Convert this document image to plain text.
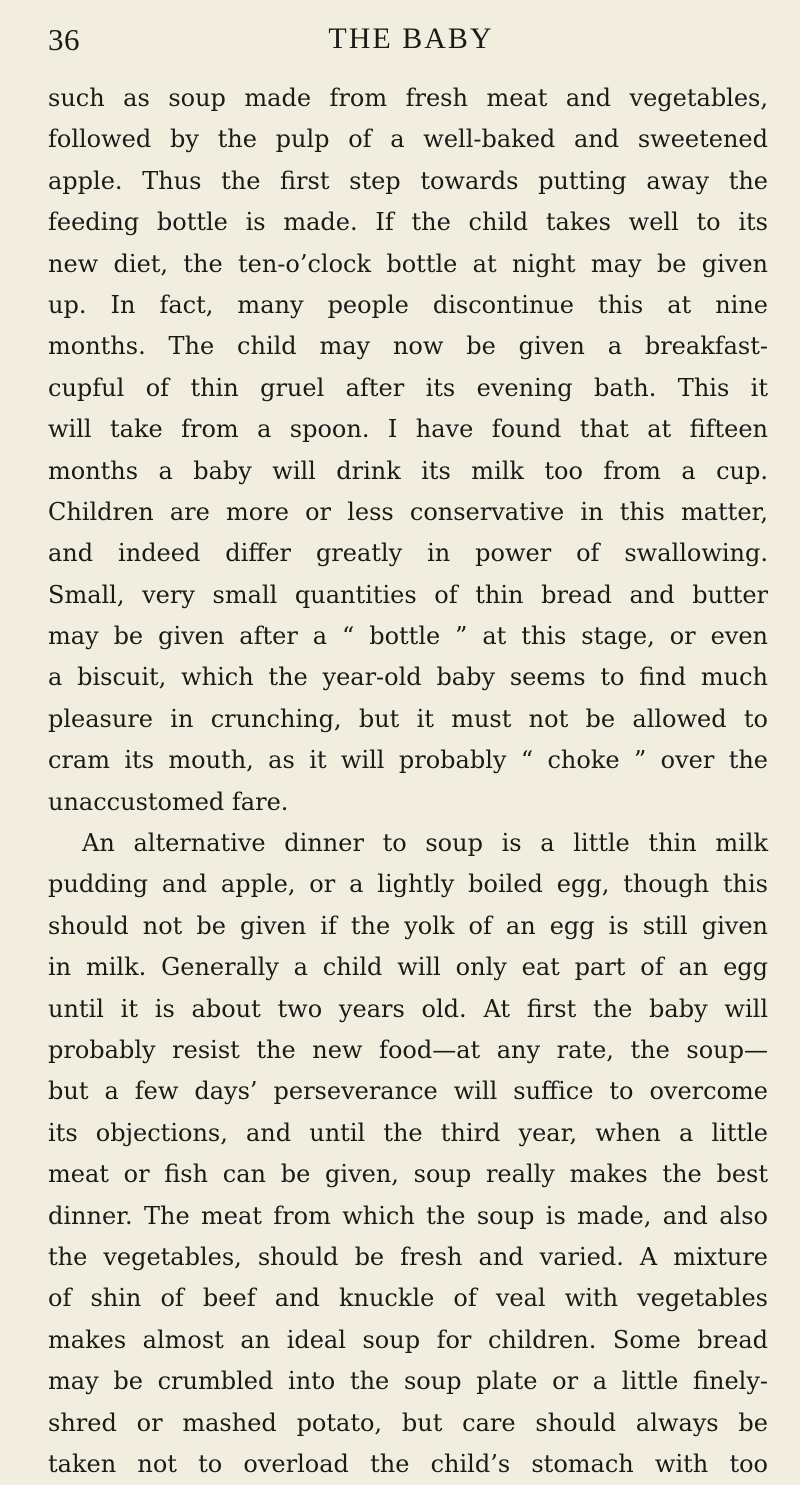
36	THE BABY
such as soup made from fresh meat and vegetables,
followed by the pulp of a well-baked and sweetened
apple. Thus the first step towards putting away the
feeding bottle is made. If the child takes well to its
new diet, the ten-o’clock bottle at night may be given
up. In fact, many people discontinue this at nine
months. The child may now be given a breakfast-
cupful of thin gruel after its evening bath. This it
will take from a spoon. I have found that at fifteen
months a baby will drink its milk too from a cup.
Children are more or less conservative in this matter,
and indeed differ greatly in power of swallowing.
Small, very small quantities of thin bread and butter
may be given after a “ bottle ” at this stage, or even
a biscuit, which the year-old baby seems to find much
pleasure in crunching, but it must not be allowed to
cram its mouth, as it will probably “ choke ” over the
unaccustomed fare.
An alternative dinner to soup is a little thin milk
pudding and apple, or a lightly boiled egg, though this
should not be given if the yolk of an egg is still given
in milk. Generally a child will only eat part of an egg
until it is about two years old. At first the baby will
probably resist the new food—at any rate, the soup—
but a few days’ perseverance will suffice to overcome
its objections, and until the third year, when a little
meat or fish can be given, soup really makes the best
dinner. The meat from which the soup is made, and also
the vegetables, should be fresh and varied. A mixture
of shin of beef and knuckle of veal with vegetables
makes almost an ideal soup for children. Some bread
may be crumbled into the soup plate or a little finely-
shred or mashed potato, but care should always be
taken not to overload the child’s stomach with too
